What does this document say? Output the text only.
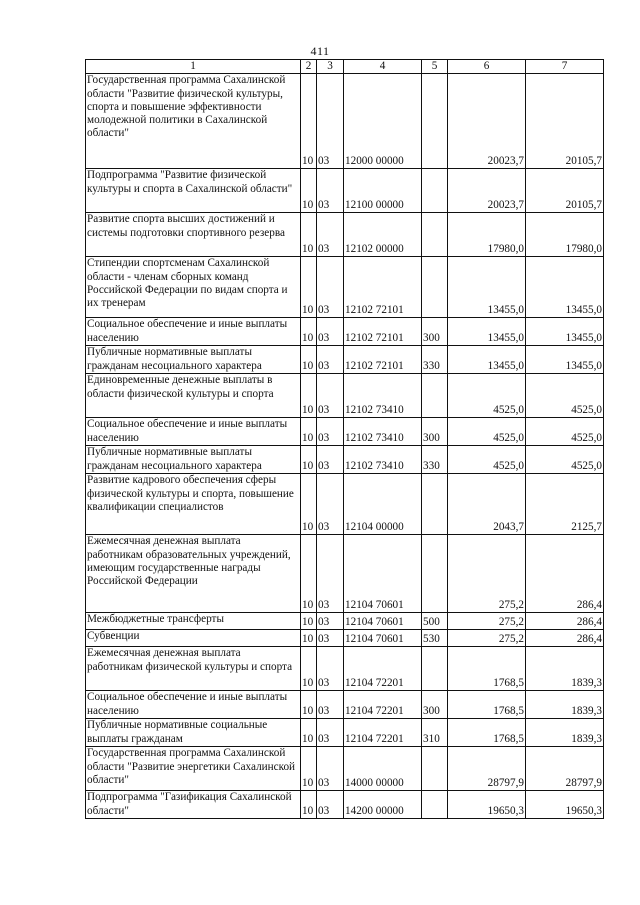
411
1	2	3	4	5	6	7
Государственная программа Сахалинской области "Развитие физической культуры, спорта и повышение эффективности молодежной политики в Сахалинской области"	10	03	12000 00000		20023,7	20105,7
Подпрограмма "Развитие физической культуры и спорта в Сахалинской области"	10	03	12100 00000		20023,7	20105,7
Развитие спорта высших достижений и системы подготовки спортивного резерва	10	03	12102 00000		17980,0	17980,0
Стипендии спортсменам Сахалинской области - членам сборных команд Российской Федерации по видам спорта и их тренерам	10	03	12102 72101		13455,0	13455,0
Социальное обеспечение и иные выплаты населению	10	03	12102 72101	300	13455,0	13455,0
Публичные нормативные выплаты гражданам несоциального характера	10	03	12102 72101	330	13455,0	13455,0
Единовременные денежные выплаты в области физической культуры и спорта	10	03	12102 73410		4525,0	4525,0
Социальное обеспечение и иные выплаты населению	10	03	12102 73410	300	4525,0	4525,0
Публичные нормативные выплаты гражданам несоциального характера	10	03	12102 73410	330	4525,0	4525,0
Развитие кадрового обеспечения сферы физической культуры и спорта, повышение квалификации специалистов	10	03	12104 00000		2043,7	2125,7
Ежемесячная денежная выплата работникам образовательных учреждений, имеющим государственные награды Российской Федерации	10	03	12104 70601		275,2	286,4
Межбюджетные трансферты	10	03	12104 70601	500	275,2	286,4
Субвенции	10	03	12104 70601	530	275,2	286,4
Ежемесячная денежная выплата работникам физической культуры и спорта	10	03	12104 72201		1768,5	1839,3
Социальное обеспечение и иные выплаты населению	10	03	12104 72201	300	1768,5	1839,3
Публичные нормативные социальные выплаты гражданам	10	03	12104 72201	310	1768,5	1839,3
Государственная программа Сахалинской области "Развитие энергетики Сахалинской области"	10	03	14000 00000		28797,9	28797,9
Подпрограмма "Газификация Сахалинской области"	10	03	14200 00000		19650,3	19650,3
